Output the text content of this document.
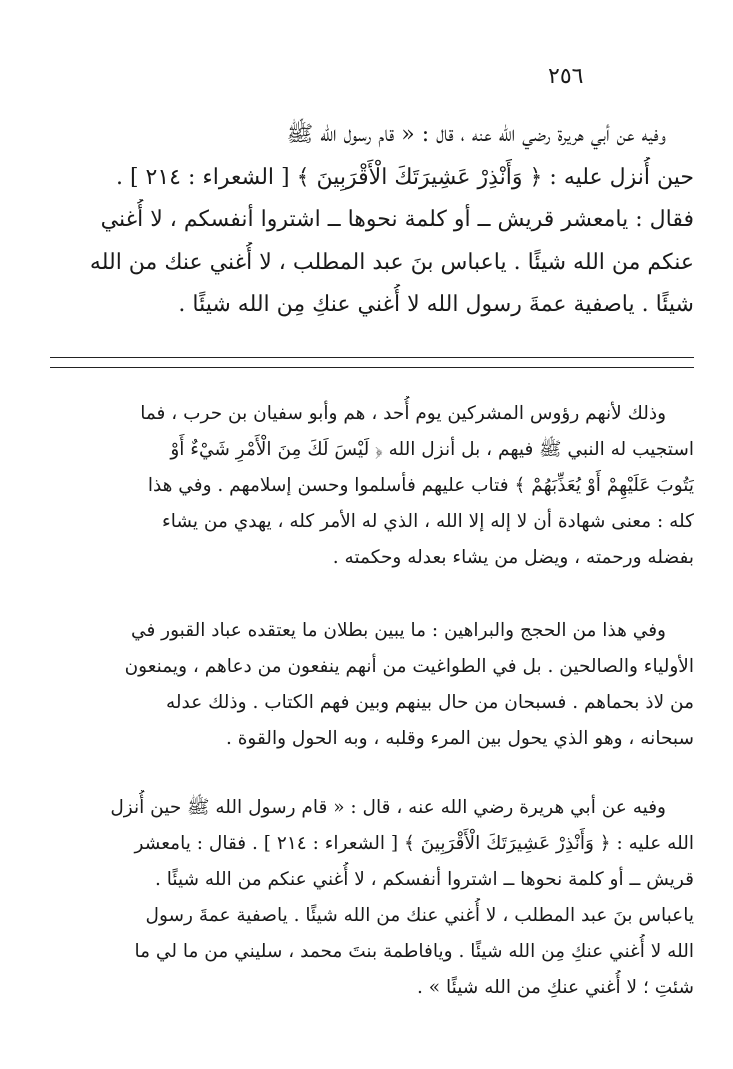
٢٥٦
وفيه عن أبي هريرة رضي الله عنه ، قال : « قام رسول الله ﷺ
حين أُنزل عليه : ﴿ وَأَنْذِرْ عَشِيرَتَكَ الْأَقْرَبِينَ ﴾ [ الشعراء : ٢١٤ ] .
فقال : يامعشر قريش ــ أو كلمة نحوها ــ اشتروا أنفسكم ، لا أُغني
عنكم من الله شيئًا . ياعباس بنَ عبد المطلب ، لا أُغني عنك من الله
شيئًا . ياصفية عمةَ رسول الله لا أُغني عنكِ مِن الله شيئًا .
وذلك لأنهم رؤوس المشركين يوم أُحد ، هم وأبو سفيان بن حرب ، فما
استجيب له النبي ﷺ فيهم ، بل أنزل الله ﴿ لَيْسَ لَكَ مِنَ الْأَمْرِ شَيْءٌ أَوْ
يَتُوبَ عَلَيْهِمْ أَوْ يُعَذِّبَهُمْ ﴾ فتاب عليهم فأسلموا وحسن إسلامهم . وفي هذا
كله : معنى شهادة أن لا إله إلا الله ، الذي له الأمر كله ، يهدي من يشاء
بفضله ورحمته ، ويضل من يشاء بعدله وحكمته .
وفي هذا من الحجج والبراهين : ما يبين بطلان ما يعتقده عباد القبور في
الأولياء والصالحين . بل في الطواغيت من أنهم ينفعون من دعاهم ، ويمنعون
من لاذ بحماهم . فسبحان من حال بينهم وبين فهم الكتاب . وذلك عدله
سبحانه ، وهو الذي يحول بين المرء وقلبه ، وبه الحول والقوة .
وفيه عن أبي هريرة رضي الله عنه ، قال : « قام رسول الله ﷺ حين أُنزل
الله عليه : ﴿ وَأَنْذِرْ عَشِيرَتَكَ الْأَقْرَبِينَ ﴾ [ الشعراء : ٢١٤ ] . فقال : يامعشر
قريش ــ أو كلمة نحوها ــ اشتروا أنفسكم ، لا أُغني عنكم من الله شيئًا .
ياعباس بنَ عبد المطلب ، لا أُغني عنك من الله شيئًا . ياصفية عمةَ رسول
الله لا أُغني عنكِ مِن الله شيئًا . ويافاطمة بنتَ محمد ، سليني من ما لي ما
شئتِ ؛ لا أُغني عنكِ من الله شيئًا » .
